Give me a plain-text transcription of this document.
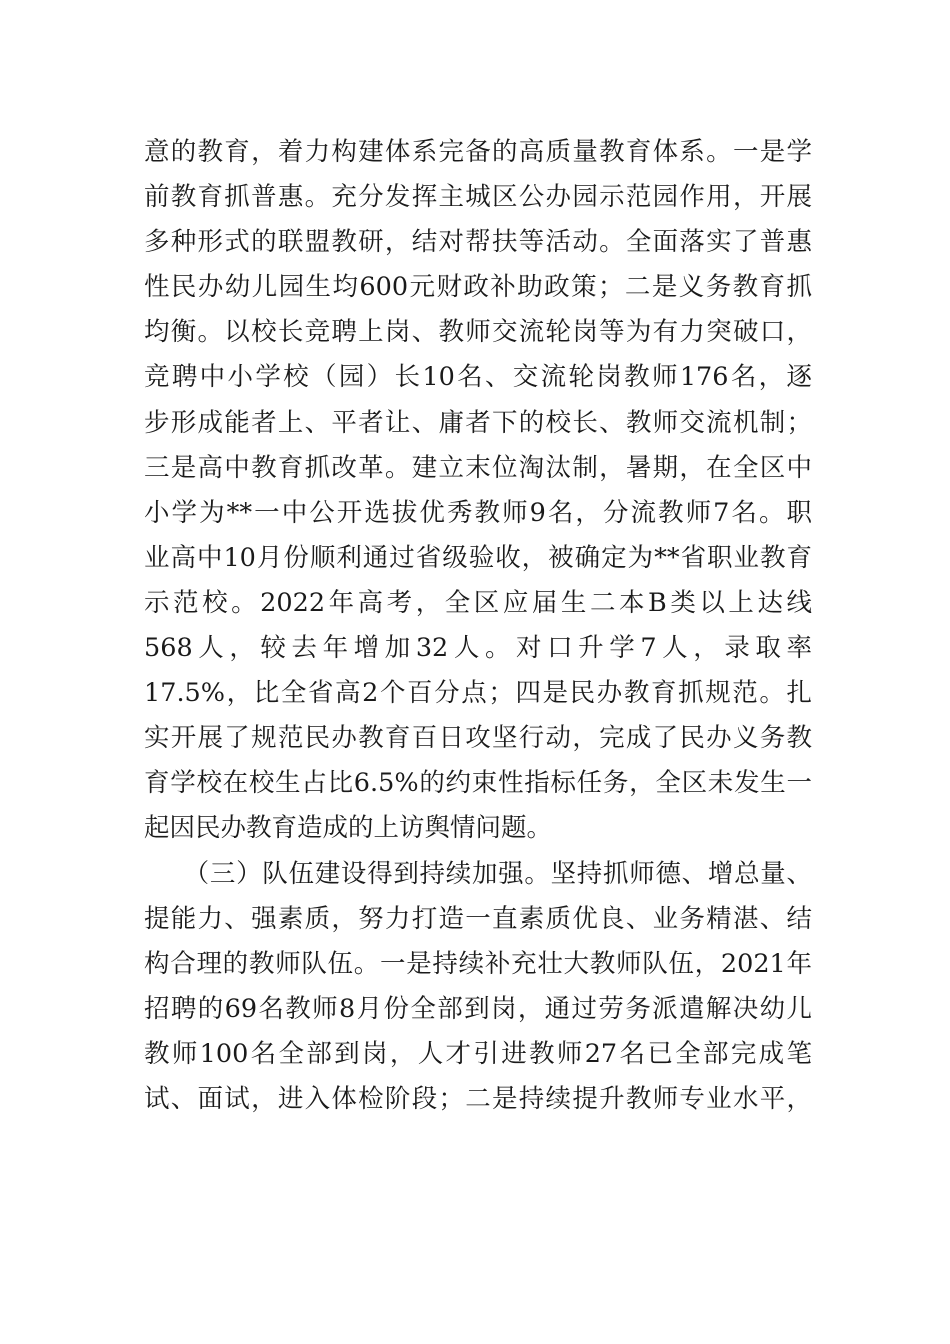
意的教育，着力构建体系完备的高质量教育体系。一是学
前教育抓普惠。充分发挥主城区公办园示范园作用，开展
多种形式的联盟教研，结对帮扶等活动。全面落实了普惠
性民办幼儿园生均600元财政补助政策；二是义务教育抓
均衡。以校长竞聘上岗、教师交流轮岗等为有力突破口，
竞聘中小学校（园）长10名、交流轮岗教师176名，逐
步形成能者上、平者让、庸者下的校长、教师交流机制；
三是高中教育抓改革。建立末位淘汰制，暑期，在全区中
小学为**一中公开选拔优秀教师9名，分流教师7名。职
业高中10月份顺利通过省级验收，被确定为**省职业教育
示范校。2022年高考，全区应届生二本B类以上达线
568人，较去年增加32人。对口升学7人，录取率
17.5%，比全省高2个百分点；四是民办教育抓规范。扎
实开展了规范民办教育百日攻坚行动，完成了民办义务教
育学校在校生占比6.5%的约束性指标任务，全区未发生一
起因民办教育造成的上访舆情问题。
　　（三）队伍建设得到持续加强。坚持抓师德、增总量、
提能力、强素质，努力打造一直素质优良、业务精湛、结
构合理的教师队伍。一是持续补充壮大教师队伍，2021年
招聘的69名教师8月份全部到岗，通过劳务派遣解决幼儿
教师100名全部到岗，人才引进教师27名已全部完成笔
试、面试，进入体检阶段；二是持续提升教师专业水平，
